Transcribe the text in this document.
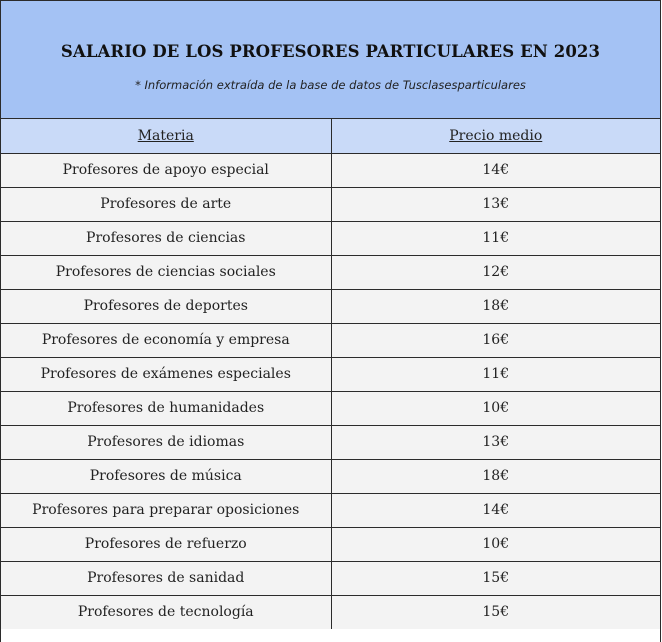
SALARIO DE LOS PROFESORES PARTICULARES EN 2023
* Información extraída de la base de datos de Tusclasesparticulares
Materia	Precio medio
Profesores de apoyo especial	14€
Profesores de arte	13€
Profesores de ciencias	11€
Profesores de ciencias sociales	12€
Profesores de deportes	18€
Profesores de economía y empresa	16€
Profesores de exámenes especiales	11€
Profesores de humanidades	10€
Profesores de idiomas	13€
Profesores de música	18€
Profesores para preparar oposiciones	14€
Profesores de refuerzo	10€
Profesores de sanidad	15€
Profesores de tecnología	15€
